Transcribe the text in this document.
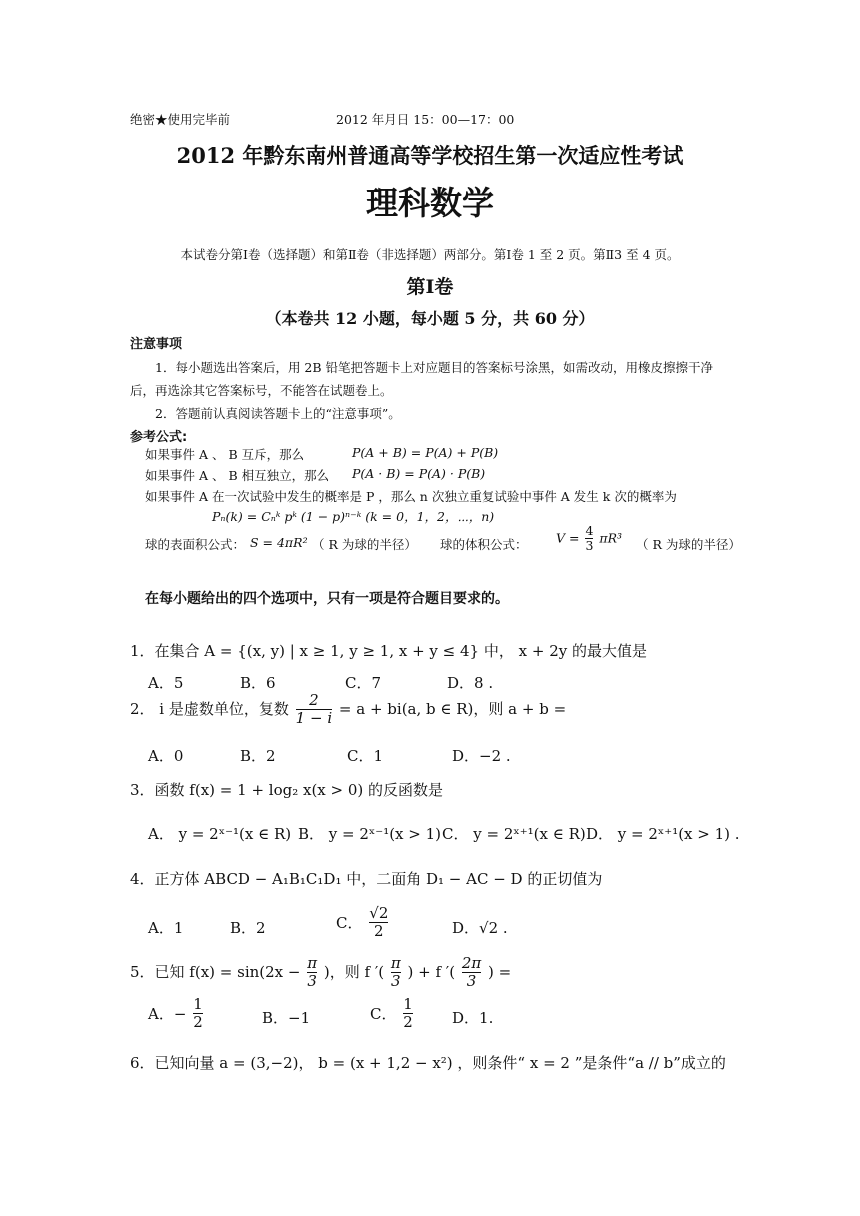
绝密★使用完毕前	2012 年月日 15：00—17：00
2012 年黔东南州普通高等学校招生第一次适应性考试
理科数学
本试卷分第Ⅰ卷（选择题）和第Ⅱ卷（非选择题）两部分。第Ⅰ卷 1 至 2 页。第Ⅱ3 至 4 页。
第Ⅰ卷
（本卷共 12 小题，每小题 5 分，共 60 分）
注意事项
1．每小题选出答案后，用 2B 铅笔把答题卡上对应题目的答案标号涂黑，如需改动，用橡皮擦擦干净
后，再选涂其它答案标号，不能答在试题卷上。
2．答题前认真阅读答题卡上的“注意事项”。
参考公式:
如果事件 A 、 B 互斥，那么	P(A + B) = P(A) + P(B)
如果事件 A 、 B 相互独立，那么 P(A · B) = P(A) · P(B)
如果事件 A 在一次试验中发生的概率是 P ，那么 n 次独立重复试验中事件 A 发生 k 次的概率为
Pₙ(k) = Cₙᵏ pᵏ (1 − p)ⁿ⁻ᵏ (k = 0，1，2，⋯，n)
球的表面积公式： S = 4πR² （ R 为球的半径） 球的体积公式： $V = \frac{4}{3} \pi R^3$ （ R 为球的半径）
在每小题给出的四个选项中，只有一项是符合题目要求的。
1．在集合 A = {(x, y) | x ≥ 1, y ≥ 1, x + y ≤ 4} 中， x + 2y 的最大值是
A．5	B．6	C．7	D．8 .
2． i 是虚数单位，复数 $\frac{2}{1 - i} = a + bi(a$, b ∈ R)，则 a + b =
A．0	B．2	C．1	D．−2 .
3．函数 f(x) = 1 + log₂ x(x > 0) 的反函数是
A． y = 2ˣ⁻¹(x ∈ R) B． y = 2ˣ⁻¹(x > 1) C． y = 2ˣ⁺¹(x ∈ R) D． y = 2ˣ⁺¹(x > 1) .
4．正方体 ABCD − A₁B₁C₁D₁ 中，二面角 D₁ − AC − D 的正切值为
A．1	B．2	C． $\frac{√2}{2}$	D．√2 .
5．已知 $f(x) = \sin(2x - \frac{\pi}{3}$ )，则 f ′( $\frac{\pi}{3}$ ) + f ′( $\frac{2\pi}{3}$ ) =
A．− $\frac{1}{2}$	B．−1	C． $\frac{1}{2}$	D．1.
6．已知向量 a = (3,−2)， b = (x + 1,2 − x²) ，则条件“ x = 2 ”是条件“a // b”成立的
